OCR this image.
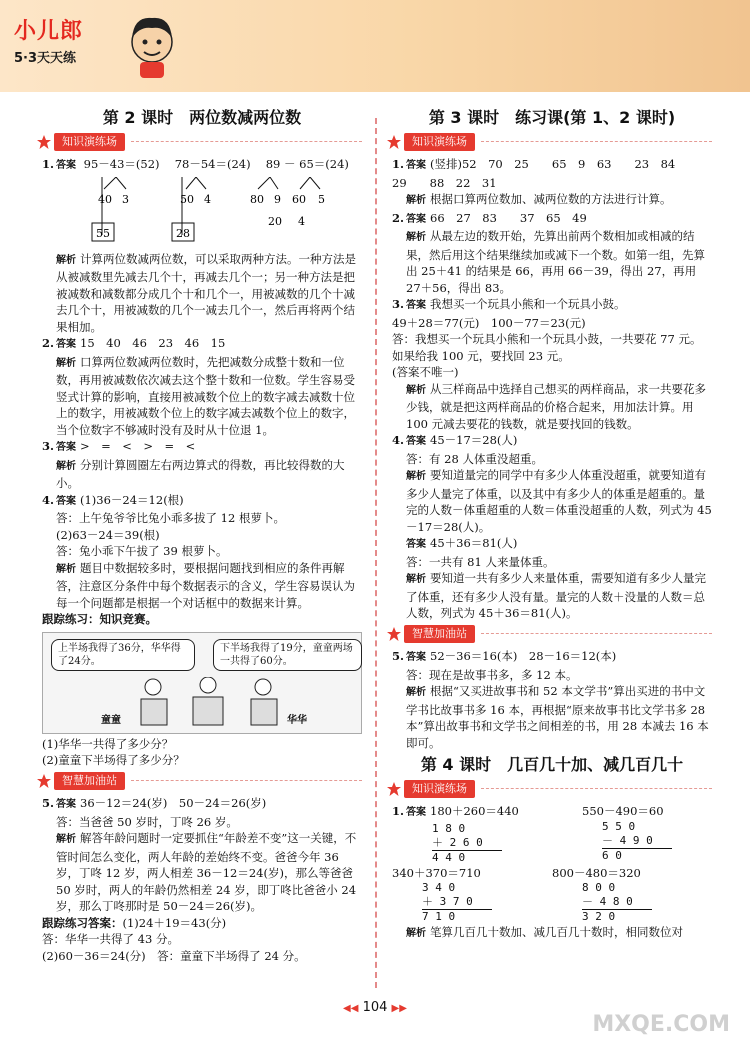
小儿郎
5·3天天练
第 2 课时　两位数减两位数
知识演练场

1. 答案 95－43＝(52)　 78－54＝(24)　 89 － 65＝(24)

40 3
55
50 4
28
80 9 60 5
20 4

解析 计算两位数减两位数，可以采取两种方法。一种方法是从被减数里先减去几个十，再减去几个一；另一种方法是把被减数和减数都分成几个十和几个一，用被减数的几个十减去几个十，用被减数的几个一减去几个一，然后再将两个结果相加。

2. 答案 15　40　46　23　46　15

解析 口算两位数减两位数时，先把减数分成整十数和一位数，再用被减数依次减去这个整十数和一位数。学生容易受竖式计算的影响，直接用被减数个位上的数字减去减数十位上的数字，用被减数个位上的数字减去减数个位上的数字，当个位数字不够减时没有及时从十位退 1。

3. 答案 >　=　<　>　=　<

解析 分别计算圆圈左右两边算式的得数，再比较得数的大小。

4. 答案 (1)36－24＝12(根)

答：上午兔爷爷比兔小乖多拔了 12 根萝卜。

(2)63－24＝39(根)

答：兔小乖下午拔了 39 根萝卜。

解析 题目中数据较多时，要根据问题找到相应的条件再解答，注意区分条件中每个数据表示的含义，学生容易误认为每一个问题都是根据一个对话框中的数据来计算。

跟踪练习：知识竞赛。

上半场我得了36分，华华得了24分。
下半场我得了19分，童童两场一共得了60分。
童童	华华

(1)华华一共得了多少分？

(2)童童下半场得了多少分？

智慧加油站

5. 答案 36－12＝24(岁)　50－24＝26(岁)

答：当爸爸 50 岁时，丁咚 26 岁。

解析 解答年龄问题时一定要抓住“年龄差不变”这一关键，不管时间怎么变化，两人年龄的差始终不变。爸爸今年 36 岁，丁咚 12 岁，两人相差 36－12＝24(岁)，那么等爸爸 50 岁时，两人的年龄仍然相差 24 岁，即丁咚比爸爸小 24 岁，那么丁咚那时是 50－24＝26(岁)。

跟踪练习答案：(1)24＋19＝43(分)

答：华华一共得了 43 分。

(2)60－36＝24(分)　答：童童下半场得了 24 分。

第 3 课时　练习课(第 1、2 课时)
知识演练场

1. 答案 (竖排)52　70　25　　65　9　63　　23　84

29　　88　22　31

解析 根据口算两位数加、减两位数的方法进行计算。

2. 答案 66　27　83　　37　65　49

解析 从最左边的数开始，先算出前两个数相加或相减的结果，然后用这个结果继续加或减下一个数。如第一组，先算出 25＋41 的结果是 66，再用 66－39，得出 27，再用 27＋56，得出 83。

3. 答案 我想买一个玩具小熊和一个玩具小鼓。

49＋28＝77(元)　100－77＝23(元)

答：我想买一个玩具小熊和一个玩具小鼓，一共要花 77 元。如果给我 100 元，要找回 23 元。

(答案不唯一)

解析 从三样商品中选择自己想买的两样商品，求一共要花多少钱，就是把这两样商品的价格合起来，用加法计算。用 100 元减去要花的钱数，就是要找回的钱数。

4. 答案 45－17＝28(人)

答：有 28 人体重没超重。

解析 要知道量完的同学中有多少人体重没超重，就要知道有多少人量完了体重，以及其中有多少人的体重是超重的。量完的人数－体重超重的人数＝体重没超重的人数，列式为 45－17＝28(人)。

答案 45＋36＝81(人)

答：一共有 81 人来量体重。

解析 要知道一共有多少人来量体重，需要知道有多少人量完了体重，还有多少人没有量。量完的人数＋没量的人数＝总人数，列式为 45＋36＝81(人)。

智慧加油站

5. 答案 52－36＝16(本)　28－16＝12(本)

答：现在是故事书多，多 12 本。

解析 根据“又买进故事书和 52 本文学书”算出买进的书中文学书比故事书多 16 本，再根据“原来故事书比文学书多 28 本”算出故事书和文学书之间相差的书，用 28 本减去 16 本即可。

第 4 课时　几百几十加、减几百几十
知识演练场
1. 答案 180＋260＝440
1 8 0
＋ 2 6 0
4 4 0
550－490＝60
5 5 0
－ 4 9 0
6 0
340＋370＝710
3 4 0
＋ 3 7 0
7 1 0
800－480＝320
8 0 0
－ 4 8 0
3 2 0

解析 笔算几百几十数加、减几百几十数时，相同数位对

◀◀ 104 ▶▶
MXQE.COM
